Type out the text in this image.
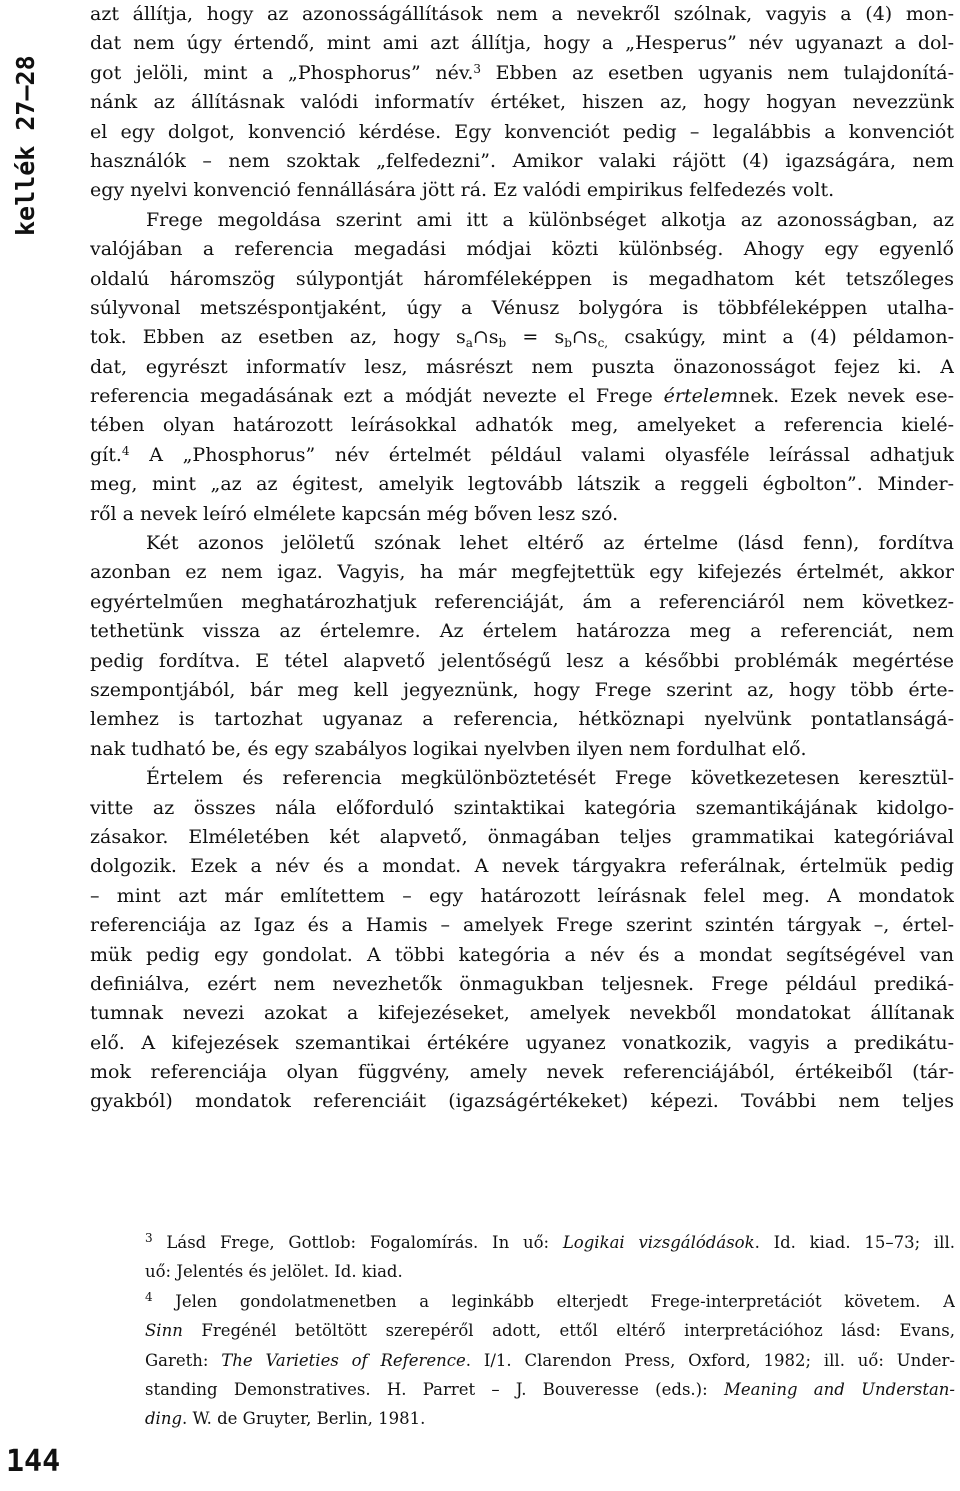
kellék 27–28
144
azt állítja, hogy az azonosságállítások nem a nevekről szólnak, vagyis a (4) mon-
dat nem úgy értendő, mint ami azt állítja, hogy a „Hesperus” név ugyanazt a dol-
got jelöli, mint a „Phosphorus” név.$^3$ Ebben az esetben ugyanis nem tulajdonítá-
nánk az állításnak valódi informatív értéket, hiszen az, hogy hogyan nevezzünk
el egy dolgot, konvenció kérdése. Egy konvenciót pedig – legalábbis a konvenciót
használók – nem szoktak „felfedezni”. Amikor valaki rájött (4) igazságára, nem
egy nyelvi konvenció fennállására jött rá. Ez valódi empirikus felfedezés volt.
Frege megoldása szerint ami itt a különbséget alkotja az azonosságban, az
valójában a referencia megadási módjai közti különbség. Ahogy egy egyenlő
oldalú háromszög súlypontját háromféleképpen is megadhatom két tetszőleges
súlyvonal metszéspontjaként, úgy a Vénusz bolygóra is többféleképpen utalha-
tok. Ebben az esetben az, hogy $s_a\cap s_b$ = $s_b\cap s_{c,}$ csakúgy, mint a (4) példamon-
dat, egyrészt informatív lesz, másrészt nem puszta önazonosságot fejez ki. A
referencia megadásának ezt a módját nevezte el Frege értelemnek. Ezek nevek ese-
tében olyan határozott leírásokkal adhatók meg, amelyeket a referencia kielé-
gít.$^4$ A „Phosphorus” név értelmét például valami olyasféle leírással adhatjuk
meg, mint „az az égitest, amelyik legtovább látszik a reggeli égbolton”. Minder-
ről a nevek leíró elmélete kapcsán még bőven lesz szó.
Két azonos jelöletű szónak lehet eltérő az értelme (lásd fenn), fordítva
azonban ez nem igaz. Vagyis, ha már megfejtettük egy kifejezés értelmét, akkor
egyértelműen meghatározhatjuk referenciáját, ám a referenciáról nem következ-
tethetünk vissza az értelemre. Az értelem határozza meg a referenciát, nem
pedig fordítva. E tétel alapvető jelentőségű lesz a későbbi problémák megértése
szempontjából, bár meg kell jegyeznünk, hogy Frege szerint az, hogy több érte-
lemhez is tartozhat ugyanaz a referencia, hétköznapi nyelvünk pontatlanságá-
nak tudható be, és egy szabályos logikai nyelvben ilyen nem fordulhat elő.
Értelem és referencia megkülönböztetését Frege következetesen keresztül-
vitte az összes nála előforduló szintaktikai kategória szemantikájának kidolgo-
zásakor. Elméletében két alapvető, önmagában teljes grammatikai kategóriával
dolgozik. Ezek a név és a mondat. A nevek tárgyakra referálnak, értelmük pedig
– mint azt már említettem – egy határozott leírásnak felel meg. A mondatok
referenciája az Igaz és a Hamis – amelyek Frege szerint szintén tárgyak –, értel-
mük pedig egy gondolat. A többi kategória a név és a mondat segítségével van
definiálva, ezért nem nevezhetők önmagukban teljesnek. Frege például prediká-
tumnak nevezi azokat a kifejezéseket, amelyek nevekből mondatokat állítanak
elő. A kifejezések szemantikai értékére ugyanez vonatkozik, vagyis a predikátu-
mok referenciája olyan függvény, amely nevek referenciájából, értékeiből (tár-
gyakból) mondatok referenciáit (igazságértékeket) képezi. További nem teljes
$^3$ Lásd Frege, Gottlob: Fogalomírás. In uő: Logikai vizsgálódások. Id. kiad. 15–73; ill.
uő: Jelentés és jelölet. Id. kiad.
$^4$ Jelen gondolatmenetben a leginkább elterjedt Frege-interpretációt követem. A
Sinn Fregénél betöltött szerepéről adott, ettől eltérő interpretációhoz lásd: Evans,
Gareth: The Varieties of Reference. I/1. Clarendon Press, Oxford, 1982; ill. uő: Under-
standing Demonstratives. H. Parret – J. Bouveresse (eds.): Meaning and Understan-
ding. W. de Gruyter, Berlin, 1981.
